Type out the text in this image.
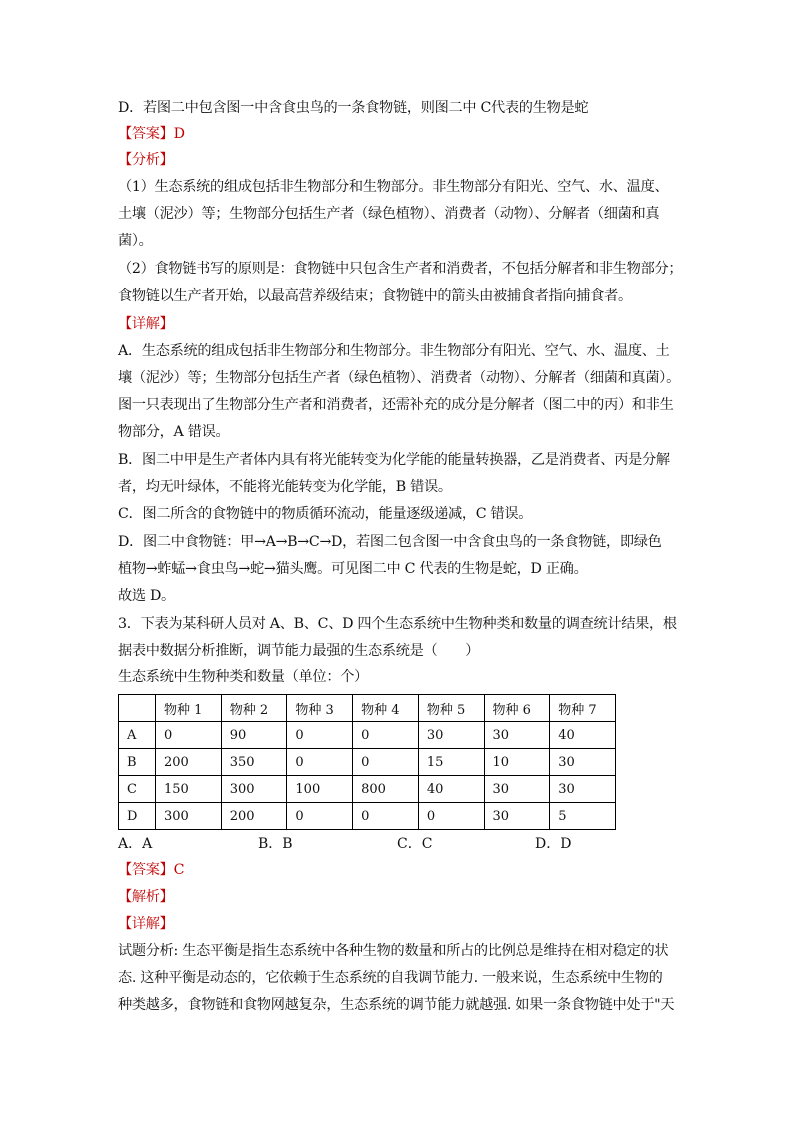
D．若图二中包含图一中含食虫鸟的一条食物链，则图二中 C代表的生物是蛇
【答案】D
【分析】
（1）生态系统的组成包括非生物部分和生物部分。非生物部分有阳光、空气、水、温度、
土壤（泥沙）等；生物部分包括生产者（绿色植物）、消费者（动物）、分解者（细菌和真
菌）。
（2）食物链书写的原则是：食物链中只包含生产者和消费者，不包括分解者和非生物部分；
食物链以生产者开始，以最高营养级结束；食物链中的箭头由被捕食者指向捕食者。
【详解】
A．生态系统的组成包括非生物部分和生物部分。非生物部分有阳光、空气、水、温度、土
壤（泥沙）等；生物部分包括生产者（绿色植物）、消费者（动物）、分解者（细菌和真菌）。
图一只表现出了生物部分生产者和消费者，还需补充的成分是分解者（图二中的丙）和非生
物部分，A 错误。
B．图二中甲是生产者体内具有将光能转变为化学能的能量转换器，乙是消费者、丙是分解
者，均无叶绿体，不能将光能转变为化学能，B 错误。
C．图二所含的食物链中的物质循环流动，能量逐级递减，C 错误。
D．图二中食物链：甲→A→B→C→D，若图二包含图一中含食虫鸟的一条食物链，即绿色
植物→蚱蜢→食虫鸟→蛇→猫头鹰。可见图二中 C 代表的生物是蛇，D 正确。
故选 D。
3．下表为某科研人员对 A、B、C、D 四个生态系统中生物种类和数量的调查统计结果，根
据表中数据分析推断，调节能力最强的生态系统是（　　）
生态系统中生物种类和数量（单位：个）
	物种 1	物种 2	物种 3	物种 4	物种 5	物种 6	物种 7
A	0	90	0	0	30	30	40
B	200	350	0	0	15	10	30
C	150	300	100	800	40	30	30
D	300	200	0	0	0	30	5
A．A	B．B	C．C	D．D
【答案】C
【解析】
【详解】
试题分析: 生态平衡是指生态系统中各种生物的数量和所占的比例总是维持在相对稳定的状
态. 这种平衡是动态的，它依赖于生态系统的自我调节能力. 一般来说，生态系统中生物的
种类越多，食物链和食物网越复杂，生态系统的调节能力就越强. 如果一条食物链中处于"天
